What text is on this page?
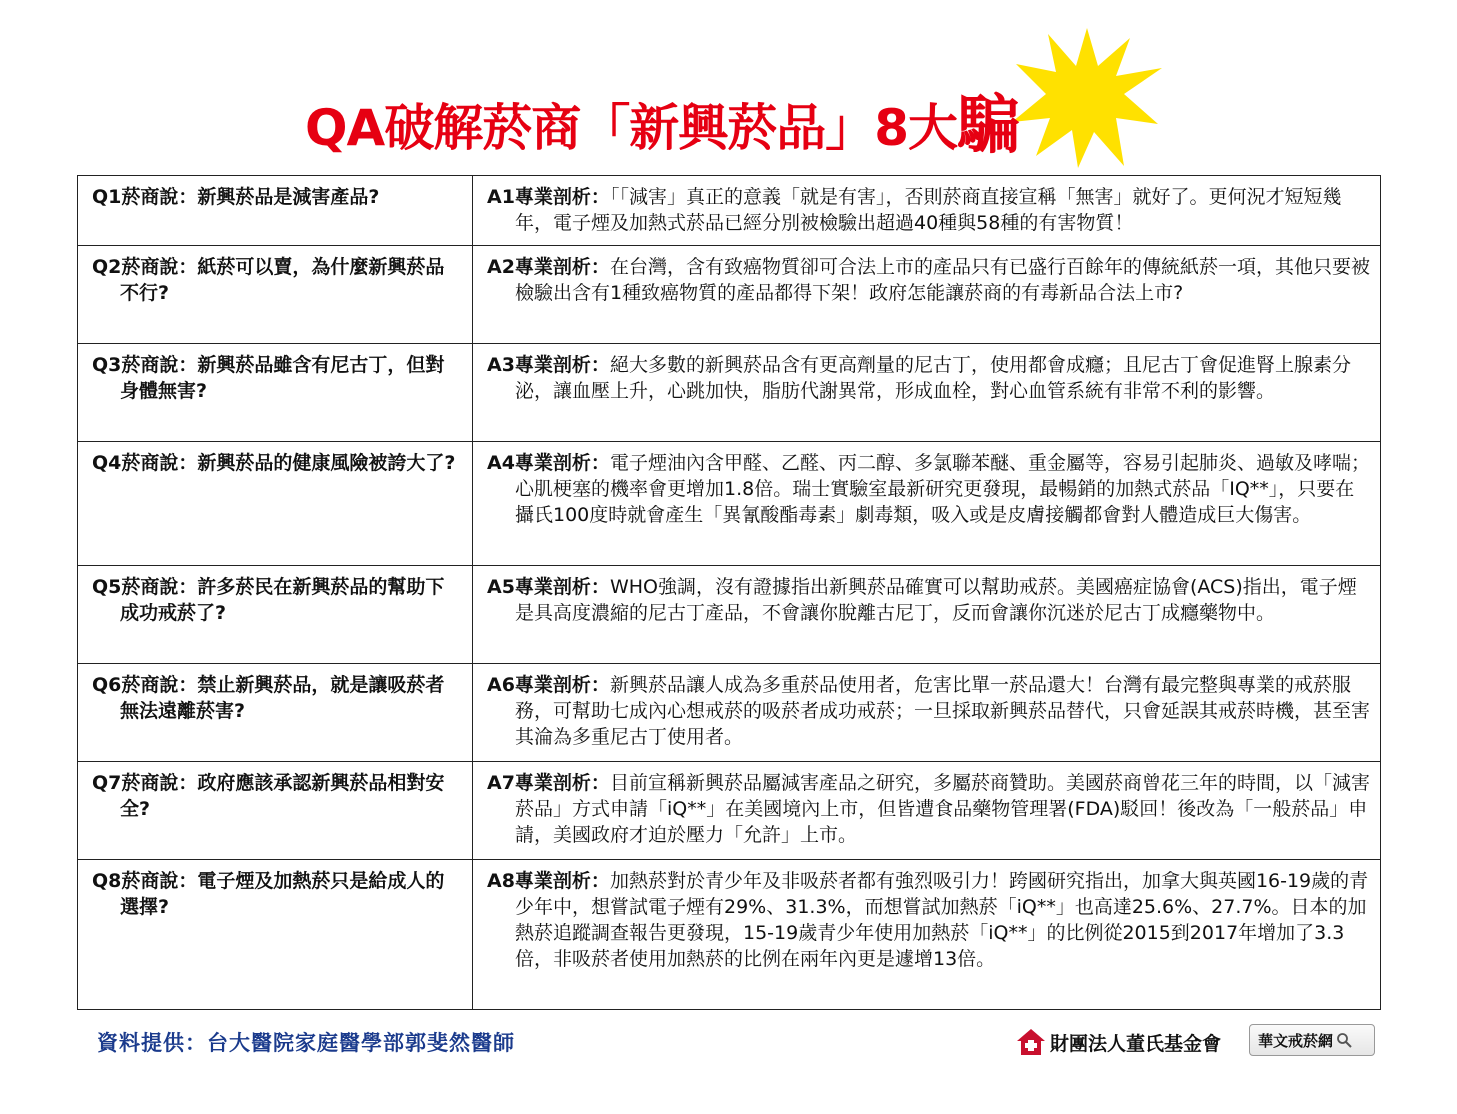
QA破解菸商「新興菸品」8大騙
Q1菸商說：新興菸品是減害產品?	A1專業剖析：「「減害」真正的意義「就是有害」，否則菸商直接宣稱「無害」就好了。更何況才短短幾年，電子煙及加熱式菸品已經分別被檢驗出超過40種與58種的有害物質！

Q2菸商說：紙菸可以賣，為什麼新興菸品不行?	A2專業剖析：在台灣，含有致癌物質卻可合法上市的產品只有已盛行百餘年的傳統紙菸一項，其他只要被檢驗出含有1種致癌物質的產品都得下架！政府怎能讓菸商的有毒新品合法上市?

Q3菸商說：新興菸品雖含有尼古丁，但對身體無害?	A3專業剖析：絕大多數的新興菸品含有更高劑量的尼古丁，使用都會成癮；且尼古丁會促進腎上腺素分泌，讓血壓上升，心跳加快，脂肪代謝異常，形成血栓，對心血管系統有非常不利的影響。

Q4菸商說：新興菸品的健康風險被誇大了?	A4專業剖析：電子煙油內含甲醛、乙醛、丙二醇、多氯聯苯醚、重金屬等，容易引起肺炎、過敏及哮喘；心肌梗塞的機率會更增加1.8倍。瑞士實驗室最新研究更發現，最暢銷的加熱式菸品「IQ**」，只要在攝氏100度時就會產生「異氰酸酯毒素」劇毒類，吸入或是皮膚接觸都會對人體造成巨大傷害。

Q5菸商說：許多菸民在新興菸品的幫助下成功戒菸了?	A5專業剖析：WHO強調，沒有證據指出新興菸品確實可以幫助戒菸。美國癌症協會(ACS)指出，電子煙是具高度濃縮的尼古丁產品，不會讓你脫離古尼丁，反而會讓你沉迷於尼古丁成癮藥物中。

Q6菸商說：禁止新興菸品，就是讓吸菸者無法遠離菸害?	A6專業剖析：新興菸品讓人成為多重菸品使用者，危害比單一菸品還大！台灣有最完整與專業的戒菸服務，可幫助七成內心想戒菸的吸菸者成功戒菸；一旦採取新興菸品替代，只會延誤其戒菸時機，甚至害其淪為多重尼古丁使用者。

Q7菸商說：政府應該承認新興菸品相對安全?	A7專業剖析：目前宣稱新興菸品屬減害產品之研究，多屬菸商贊助。美國菸商曾花三年的時間，以「減害菸品」方式申請「iQ**」在美國境內上市，但皆遭食品藥物管理署(FDA)駁回！後改為「一般菸品」申請，美國政府才迫於壓力「允許」上市。

Q8菸商說：電子煙及加熱菸只是給成人的選擇?	A8專業剖析：加熱菸對於青少年及非吸菸者都有強烈吸引力！跨國研究指出，加拿大與英國16-19歲的青少年中，想嘗試電子煙有29%、31.3%，而想嘗試加熱菸「iQ**」也高達25.6%、27.7%。日本的加熱菸追蹤調查報告更發現，15-19歲青少年使用加熱菸「iQ**」的比例從2015到2017年增加了3.3倍，非吸菸者使用加熱菸的比例在兩年內更是遽增13倍。
資料提供：台大醫院家庭醫學部郭斐然醫師	財團法人董氏基金會 華文戒菸網
